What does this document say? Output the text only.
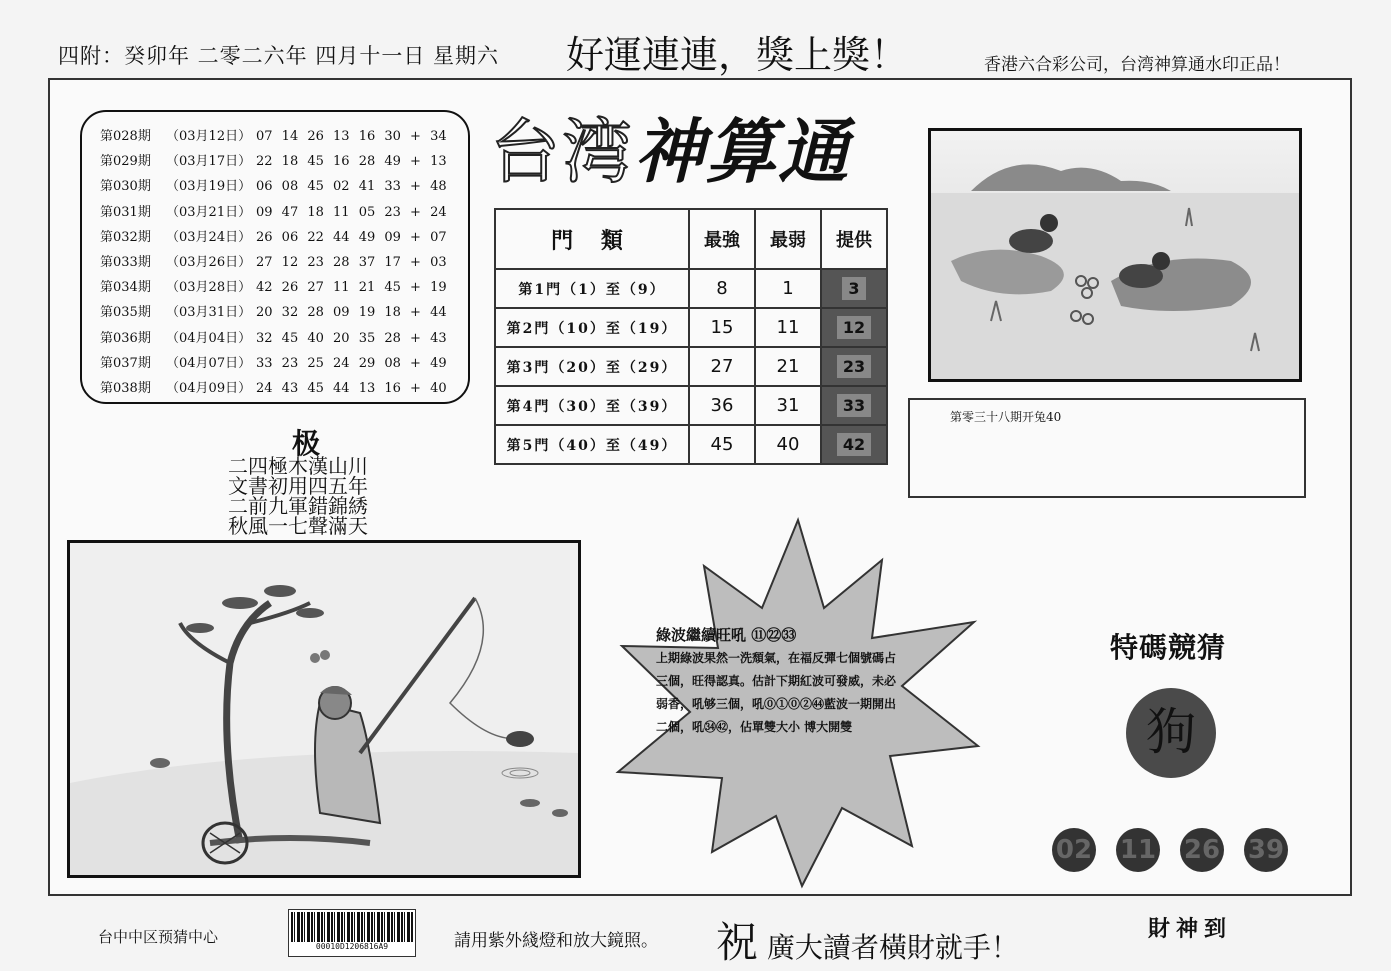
四附：癸卯年 二零二六年 四月十一日 星期六 好運連連，獎上獎！	香港六合彩公司，台湾神算通水印正品！
第028期	（03月12日） 07 14 26 13 16 30 + 34
第029期	（03月17日） 22 18 45 16 28 49 + 13
第030期	（03月19日） 06 08 45 02 41 33 + 48
第031期	（03月21日） 09 47 18 11 05 23 + 24
第032期	（03月24日） 26 06 22 44 49 09 + 07
第033期	（03月26日） 27 12 23 28 37 17 + 03
第034期	（03月28日） 42 26 27 11 21 45 + 19
第035期	（03月31日） 20 32 28 09 19 18 + 44
第036期	（04月04日） 32 45 40 20 35 28 + 43
第037期	（04月07日） 33 23 25 24 29 08 + 49
第038期	（04月09日） 24 43 45 44 13 16 + 40
台湾神算通
門 類	最強	最弱	提供
第1門（1）至（9）	8	1	3
第2門（10）至（19）	15	11	12
第3門（20）至（29）	27	21	23
第4門（30）至（39）	36	31	33
第5門（40）至（49）	45	40	42
第零三十八期开兔40
极
二四極木漢山川
文書初用四五年
二前九軍錯錦綉
秋風一七聲滿天
綠波繼續旺吼 ⑪㉒㉝
上期綠波果然一洗頹氣，在福反彈七個號碼占
三個，旺得認真。估計下期紅波可發威，未必
弱香，吼够三個，吼⓪①⓪②㊹藍波一期開出
二個，吼㉞㊷，佔單雙大小 博大開雙
特碼競猜
狗
02 11 26 39
台中中区预猜中心
00010D1206816A9	請用紫外綫燈和放大鏡照。 祝 廣大讀者橫財就手！
財神到
